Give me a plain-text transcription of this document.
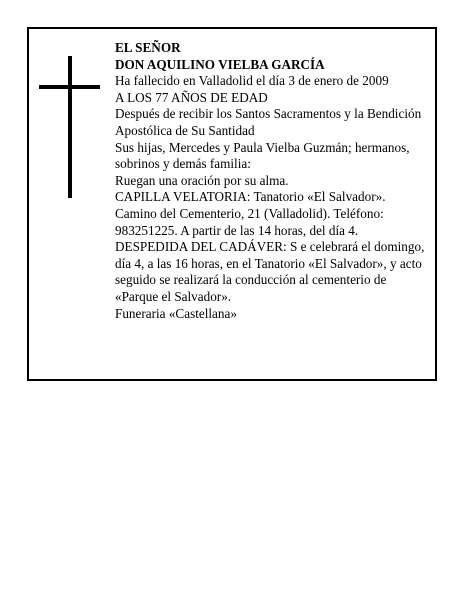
EL SEÑOR

DON AQUILINO VIELBA GARCÍA

Ha fallecido en Valladolid el día 3 de enero de 2009

A LOS 77 AÑOS DE EDAD

Después de recibir los Santos Sacramentos y la Bendición Apostólica de Su Santidad

Sus hijas, Mercedes y Paula Vielba Guzmán; hermanos, sobrinos y demás familia:

Ruegan una oración por su alma.

CAPILLA VELATORIA: Tanatorio «El Salvador». Camino del Cementerio, 21 (Valladolid). Teléfono: 983251225. A partir de las 14 horas, del día 4.

DESPEDIDA DEL CADÁVER: S e celebrará el domingo, día 4, a las 16 horas, en el Tanatorio «El Salvador», y acto seguido se realizará la conducción al cementerio de «Parque el Salvador».

Funeraria «Castellana»
